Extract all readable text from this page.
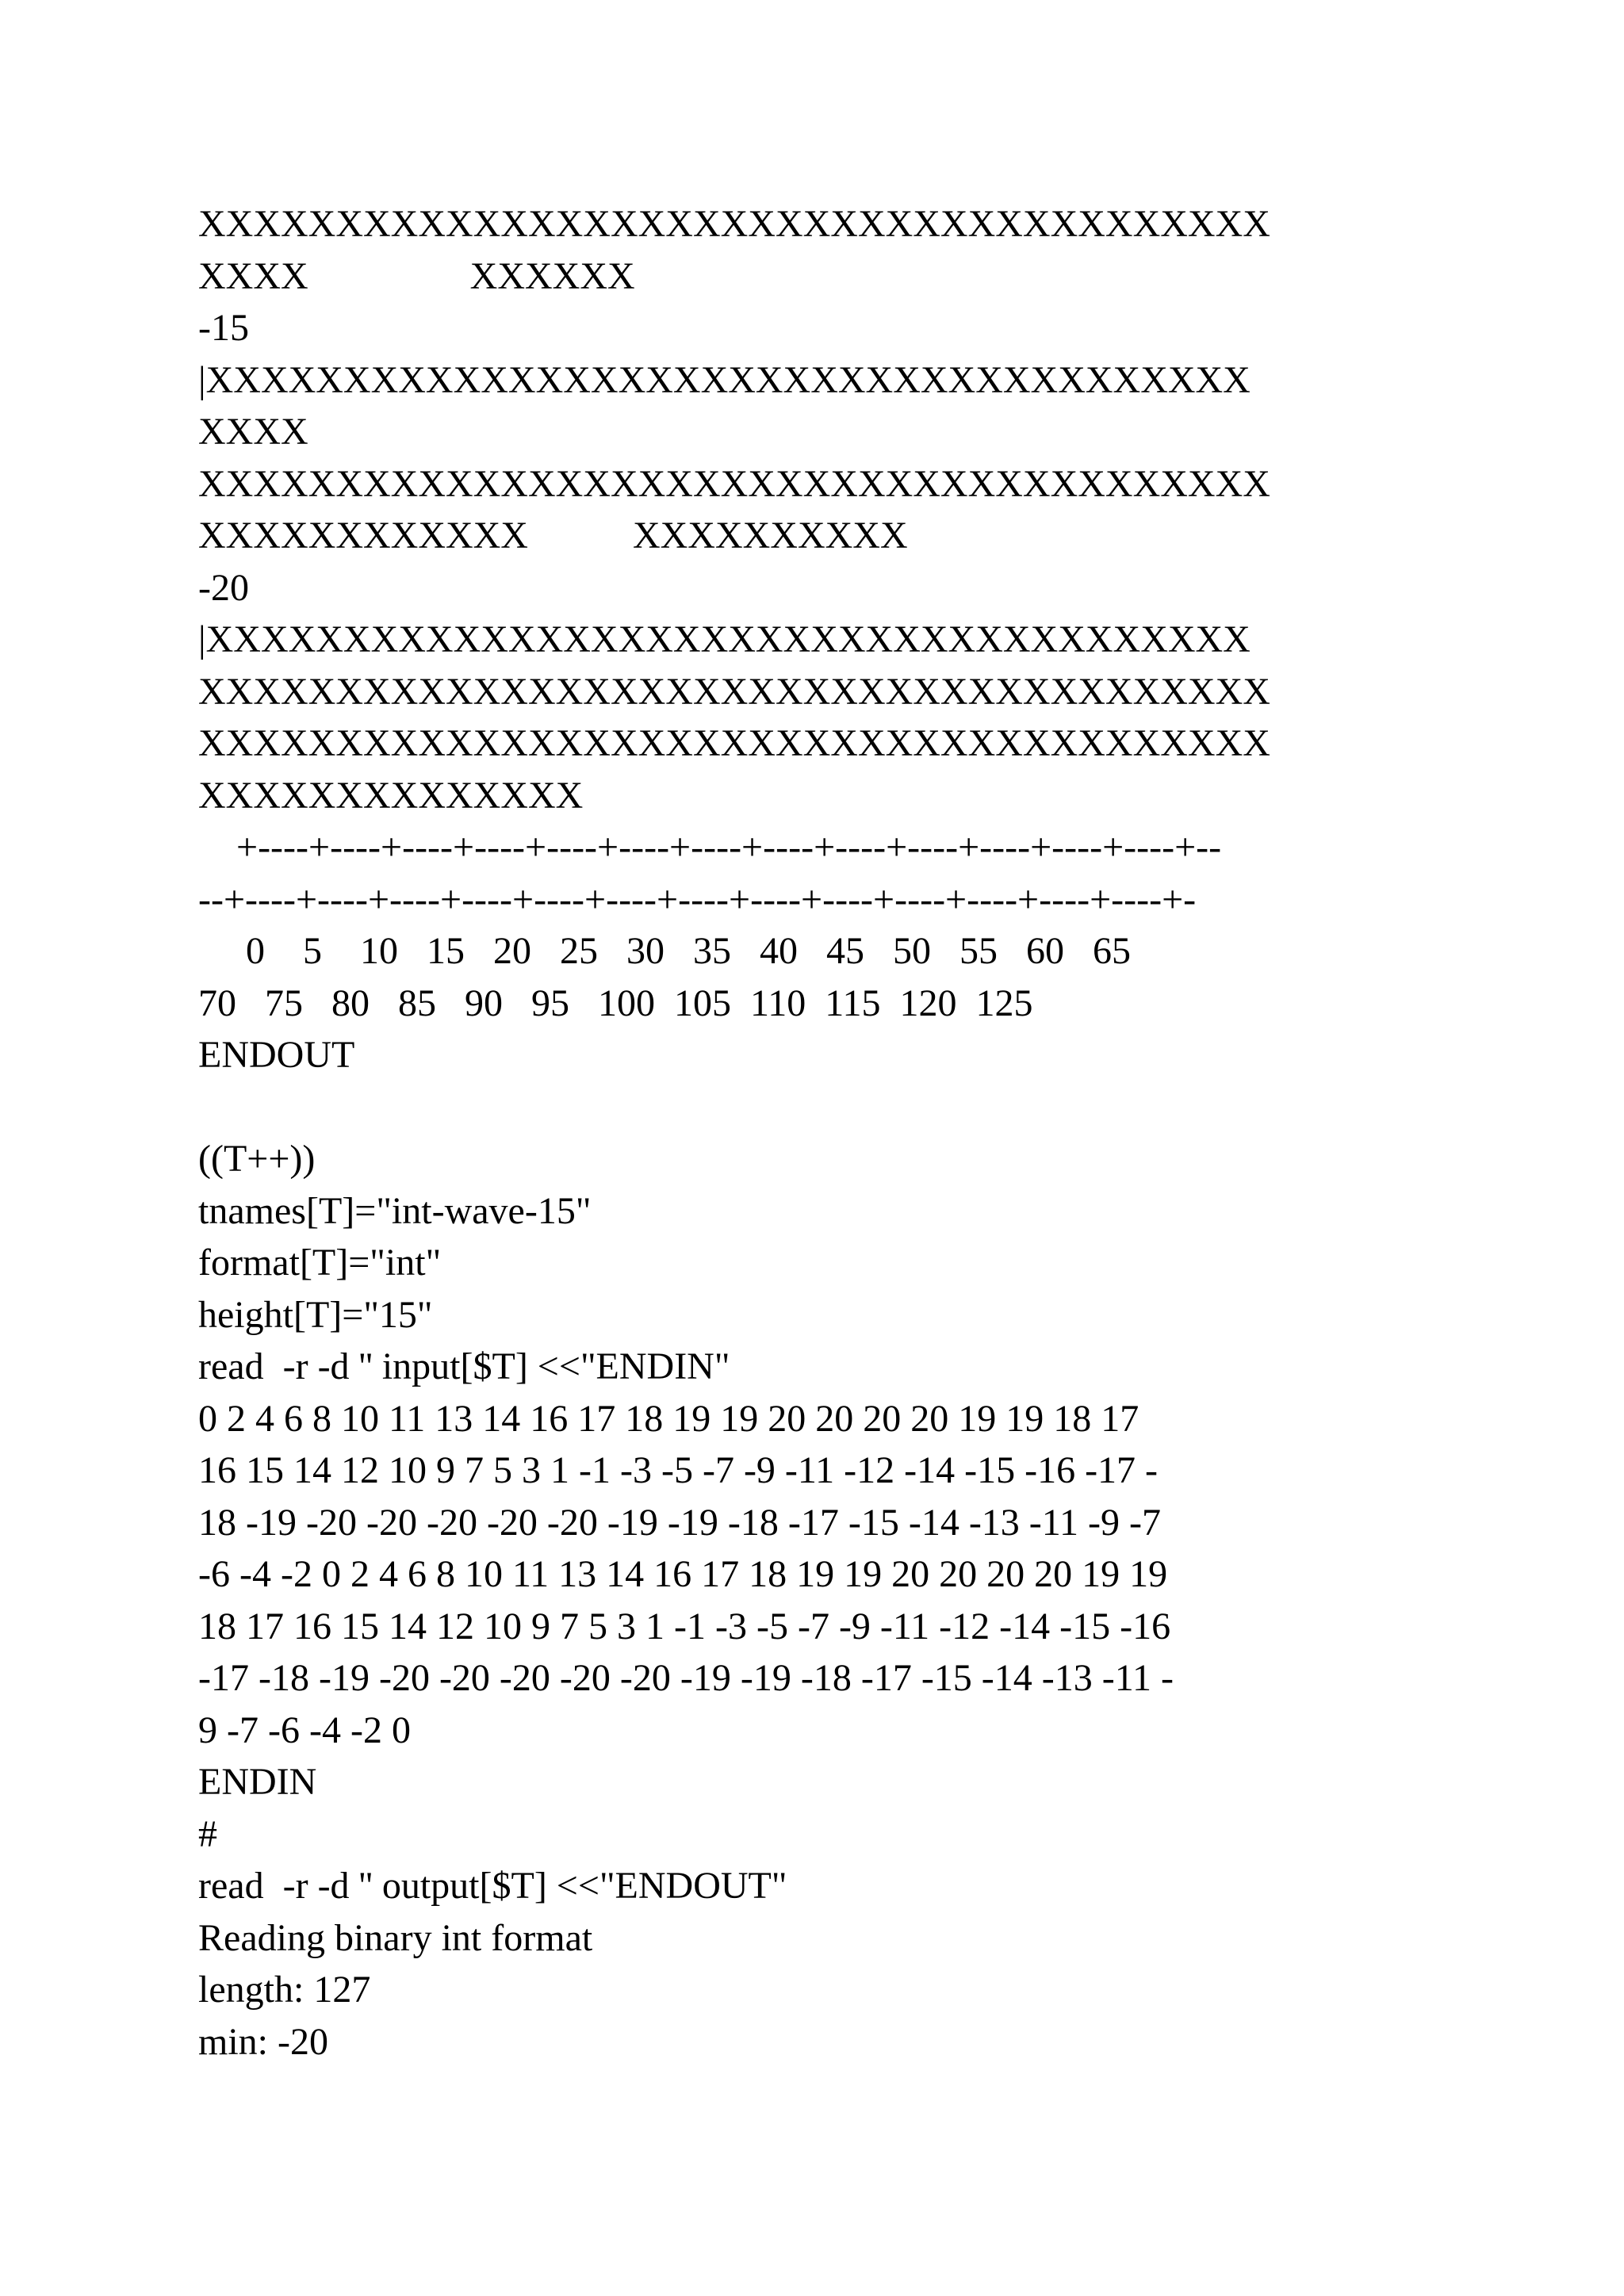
XXXXXXXXXXXXXXXXXXXXXXXXXXXXXXXXXXXXXXX
XXXX                 XXXXXX
-15
|XXXXXXXXXXXXXXXXXXXXXXXXXXXXXXXXXXXXXX
XXXX
XXXXXXXXXXXXXXXXXXXXXXXXXXXXXXXXXXXXXXX
XXXXXXXXXXXX           XXXXXXXXXX
-20
|XXXXXXXXXXXXXXXXXXXXXXXXXXXXXXXXXXXXXX
XXXXXXXXXXXXXXXXXXXXXXXXXXXXXXXXXXXXXXX
XXXXXXXXXXXXXXXXXXXXXXXXXXXXXXXXXXXXXXX
XXXXXXXXXXXXXX
+----+----+----+----+----+----+----+----+----+----+----+----+----+--
--+----+----+----+----+----+----+----+----+----+----+----+----+----+-
0    5    10   15   20   25   30   35   40   45   50   55   60   65
70   75   80   85   90   95   100  105  110  115  120  125
ENDOUT
((T++))
tnames[T]="int-wave-15"
format[T]="int"
height[T]="15"
read  -r -d '' input[$T] <<"ENDIN"
0 2 4 6 8 10 11 13 14 16 17 18 19 19 20 20 20 20 19 19 18 17
16 15 14 12 10 9 7 5 3 1 -1 -3 -5 -7 -9 -11 -12 -14 -15 -16 -17 -
18 -19 -20 -20 -20 -20 -20 -19 -19 -18 -17 -15 -14 -13 -11 -9 -7
-6 -4 -2 0 2 4 6 8 10 11 13 14 16 17 18 19 19 20 20 20 20 19 19
18 17 16 15 14 12 10 9 7 5 3 1 -1 -3 -5 -7 -9 -11 -12 -14 -15 -16
-17 -18 -19 -20 -20 -20 -20 -20 -19 -19 -18 -17 -15 -14 -13 -11 -
9 -7 -6 -4 -2 0
ENDIN
#
read  -r -d '' output[$T] <<"ENDOUT"
Reading binary int format
length: 127
min: -20
